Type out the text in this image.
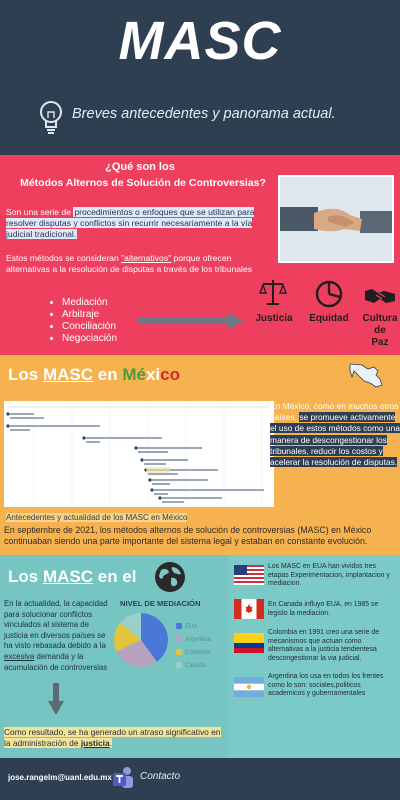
MASC
Breves antecedentes y panorama actual.
¿Qué son los
Métodos Alternos de Solución de Controversias?
Son una serie de procedimientos o enfoques que se utilizan para resolver disputas y conflictos sin recurrir necesariamente a la vía judicial tradicional.
Estos métodos se consideran "alternativos" porque ofrecen alternativas a la resolución de disputas a través de los tribunales
• Mediación
• Arbitraje
• Conciliación
• Negociación
Justicia	Equidad	Cultura
de
Paz
Los MASC en México
En México, como en muchos otros países, se promueve activamente el uso de estos métodos como una manera de descongestionar los tribunales, reducir los costos y acelerar la resolución de disputas.
Antecedentes y actualidad de los MASC en México
En septiembre de 2021, los métodos alternos de solución de controversias (MASC) en México continuaban siendo una parte importante del sistema legal y estaban en constante evolución.
Los MASC en el
En la actualidad, la capacidad para solucionar conflictos vinculados al sistema de justicia en diversos países se ha visto rebasada debido a la excesiva demanda y la acumulación de controversias
NIVEL DE MEDIACIÓN
EUA
Argentina
Colombia
Canadá
Como resultado, se ha generado un atraso significativo en la administración de justicia.
Los MASC en EUA han vividos tres etapas Experimentacion, implantacion y mediacion.
En Canada influyo EUA, en 1985 se legislo la mediacion.
Colombia en 1991 creo una serie de mecanismos que actuan como alternativas a la justicia tendientesa descongestionar la via judicial.
Argentina los usa en todos los frentes como lo son: sociales,politicos academicos y gubernamentales
jose.rangelm@uanl.edu.mx	Contacto
